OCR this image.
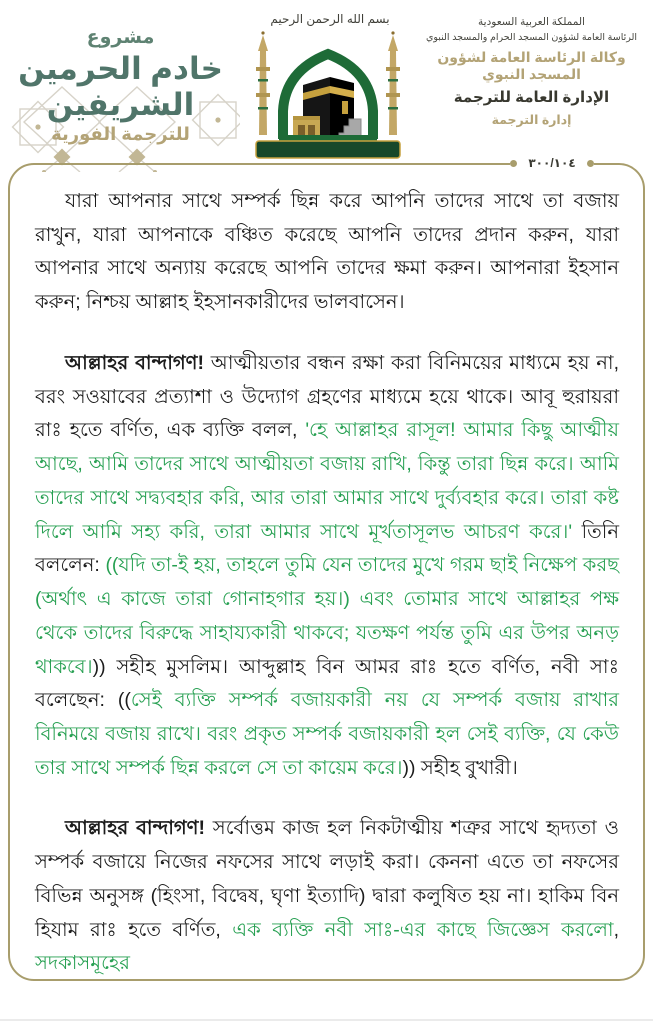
مشروع
خادم الحرمين الشريفين
للترجمة الفورية
بسم الله الرحمن الرحيم	المملكة العربية السعودية
الرئاسة العامة لشؤون المسجد الحرام والمسجد النبوي
وكالة الرئاسة العامة لشؤون المسجد النبوي
الإدارة العامة للترجمة
إدارة الترجمة
٣٠٠/١٠٤

যারা আপনার সাথে সম্পর্ক ছিন্ন করে আপনি তাদের সাথে তা বজায় রাখুন, যারা আপনাকে বঞ্চিত করেছে আপনি তাদের প্রদান করুন, যারা আপনার সাথে অন্যায় করেছে আপনি তাদের ক্ষমা করুন। আপনারা ইহসান করুন; নিশ্চয় আল্লাহ ইহসানকারীদের ভালবাসেন।

আল্লাহর বান্দাগণ! আত্মীয়তার বন্ধন রক্ষা করা বিনিময়ের মাধ্যমে হয় না, বরং সওয়াবের প্রত্যাশা ও উদ্যোগ গ্রহণের মাধ্যমে হয়ে থাকে। আবূ হুরায়রা রাঃ হতে বর্ণিত, এক ব্যক্তি বলল, 'হে আল্লাহর রাসূল! আমার কিছু আত্মীয় আছে, আমি তাদের সাথে আত্মীয়তা বজায় রাখি, কিন্তু তারা ছিন্ন করে। আমি তাদের সাথে সদ্ব্যবহার করি, আর তারা আমার সাথে দুর্ব্যবহার করে। তারা কষ্ট দিলে আমি সহ্য করি, তারা আমার সাথে মূর্খতাসূলভ আচরণ করে।' তিনি বললেন: ((যদি তা-ই হয়, তাহলে তুমি যেন তাদের মুখে গরম ছাই নিক্ষেপ করছ (অর্থাৎ এ কাজে তারা গোনাহগার হয়।) এবং তোমার সাথে আল্লাহর পক্ষ থেকে তাদের বিরুদ্ধে সাহায্যকারী থাকবে; যতক্ষণ পর্যন্ত তুমি এর উপর অনড় থাকবে।)) সহীহ মুসলিম। আব্দুল্লাহ বিন আমর রাঃ হতে বর্ণিত, নবী সাঃ বলেছেন: ((সেই ব্যক্তি সম্পর্ক বজায়কারী নয় যে সম্পর্ক বজায় রাখার বিনিময়ে বজায় রাখে। বরং প্রকৃত সম্পর্ক বজায়কারী হল সেই ব্যক্তি, যে কেউ তার সাথে সম্পর্ক ছিন্ন করলে সে তা কায়েম করে।)) সহীহ বুখারী।

আল্লাহর বান্দাগণ! সর্বোত্তম কাজ হল নিকটাত্মীয় শত্রুর সাথে হৃদ্যতা ও সম্পর্ক বজায়ে নিজের নফসের সাথে লড়াই করা। কেননা এতে তা নফসের বিভিন্ন অনুসঙ্গ (হিংসা, বিদ্বেষ, ঘৃণা ইত্যাদি) দ্বারা কলুষিত হয় না। হাকিম বিন হিযাম রাঃ হতে বর্ণিত, এক ব্যক্তি নবী সাঃ-এর কাছে জিজ্ঞেস করলো, সদকাসমূহের
